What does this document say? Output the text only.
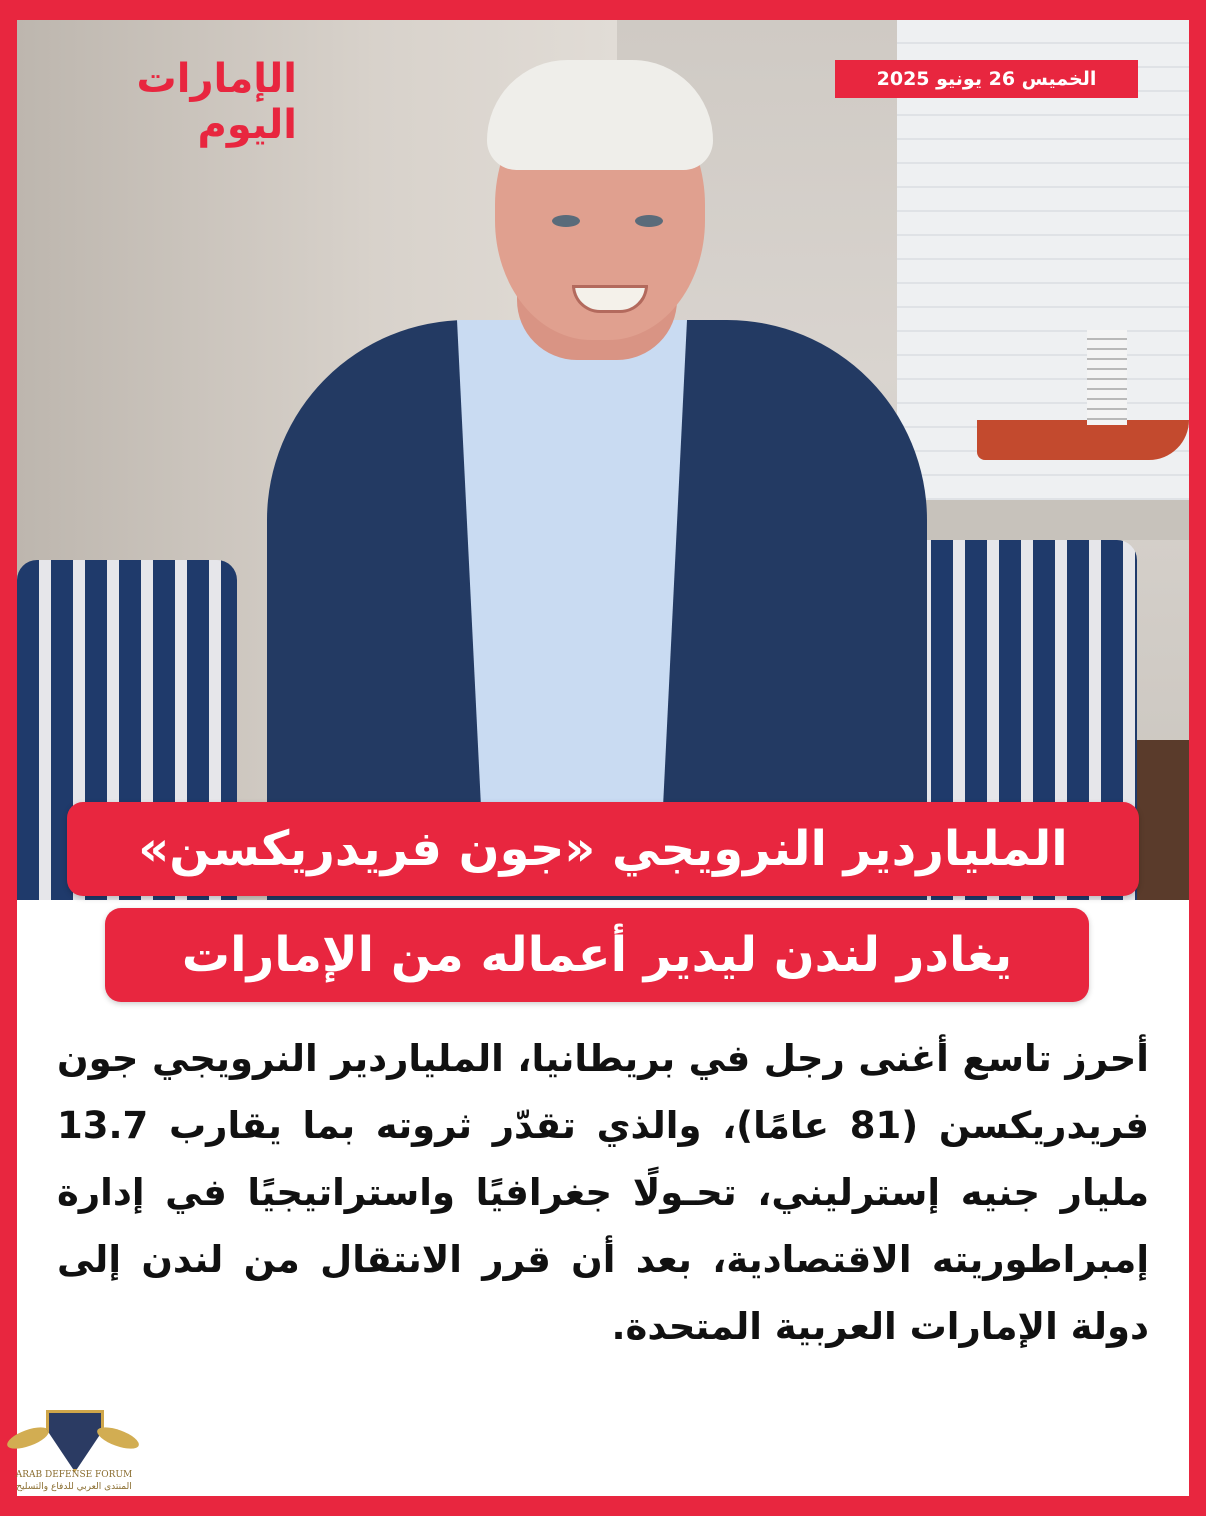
الإمارات اليوم
الخميس 26 يونيو 2025
الملياردير النرويجي «جون فريدريكسن»
يغادر لندن ليدير أعماله من الإمارات
أحرز تاسع أغنى رجل في بريطانيا، الملياردير النرويجي جون فريدريكسن (81 عامًا)، والذي تقدّر ثروته بما يقارب 13.7 مليار جنيه إسترليني، تحـولًا جغرافيًا واستراتيجيًا في إدارة إمبراطوريته الاقتصادية، بعد أن قرر الانتقال من لندن إلى دولة الإمارات العربية المتحدة.
ARAB DEFENSE FORUM
المنتدى العربي للدفاع والتسليح
